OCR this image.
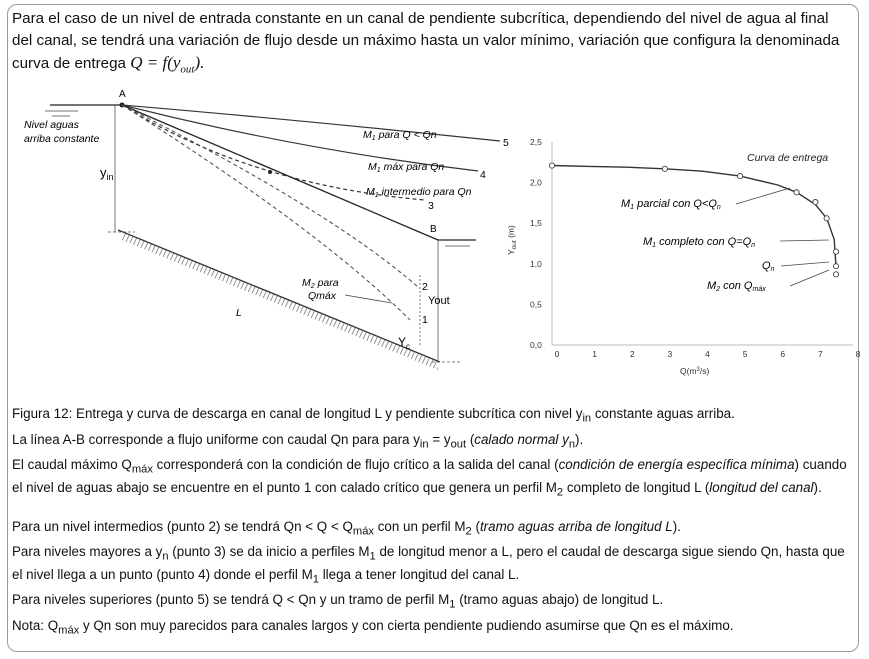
Para el caso de un nivel de entrada constante en un canal de pendiente subcrítica, dependiendo del nivel de agua al final del canal, se tendrá una variación de flujo desde un máximo hasta un valor mínimo, variación que configura la denominada curva de entrega $Q = f(y_{out})$.
A
$y_{in}$
Nivel aguas
arriba constante
B
M1 para Q < Qn
5
M1 máx para Qn
4
M1 intermedio para Qn
3
M2 para
Qmáx
L
2
1
$Y_c$
Yout
0	1	2	3	4	5	6	7	8
0,0
0,5
1,0
1,5
2,0
2,5
Curva de entrega
$Q(m^3/s)$
$Y_{out}$ (m)
M1 parcial con Q<Qn
M1 completo con Q=Qn
Qn
M2 con Qmáx
Figura 12: Entrega y curva de descarga en canal de longitud L y pendiente subcrítica con nivel $y_{in}$ constante aguas arriba.
La línea A-B corresponde a flujo uniforme con caudal Qn para para $y_{in} = y_{out}$ (calado normal $y_n$).
El caudal máximo $Q_{máx}$ corresponderá con la condición de flujo crítico a la salida del canal (condición de energía específica mínima) cuando el nivel de aguas abajo se encuentre en el punto 1 con calado crítico que genera un perfil $M_2$ completo de longitud L (longitud del canal).
Para un nivel intermedios (punto 2) se tendrá $Qn < Q < Q_{máx}$ con un perfil $M_2$ (tramo aguas arriba de longitud L).
Para niveles mayores a $y_n$ (punto 3) se da inicio a perfiles $M_1$ de longitud menor a L, pero el caudal de descarga sigue siendo Qn, hasta que el nivel llega a un punto (punto 4) donde el perfil $M_1$ llega a tener longitud del canal L.
Para niveles superiores (punto 5) se tendrá Q < Qn y un tramo de perfil $M_1$ (tramo aguas abajo) de longitud L.
Nota: $Q_{máx}$ y Qn son muy parecidos para canales largos y con cierta pendiente pudiendo asumirse que Qn es el máximo.
